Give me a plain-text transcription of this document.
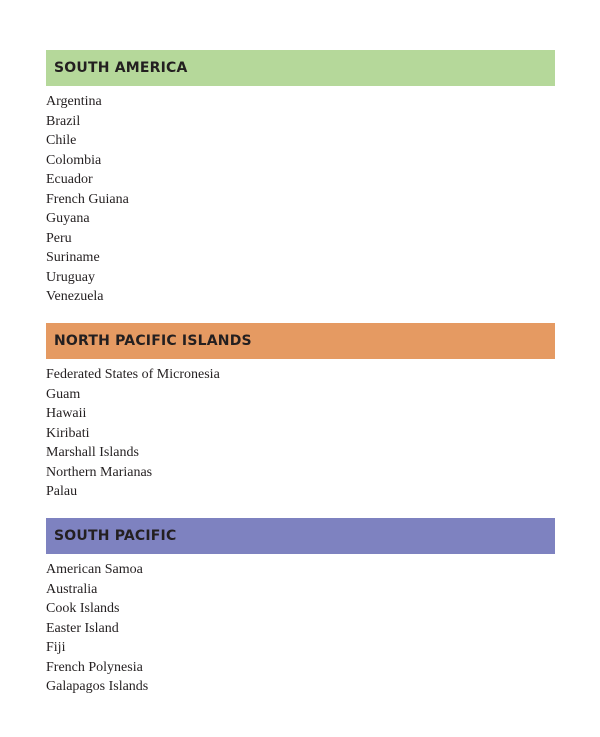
SOUTH AMERICA
Argentina
Brazil
Chile
Colombia
Ecuador
French Guiana
Guyana
Peru
Suriname
Uruguay
Venezuela
NORTH PACIFIC ISLANDS
Federated States of Micronesia
Guam
Hawaii
Kiribati
Marshall Islands
Northern Marianas
Palau
SOUTH PACIFIC
American Samoa
Australia
Cook Islands
Easter Island
Fiji
French Polynesia
Galapagos Islands
